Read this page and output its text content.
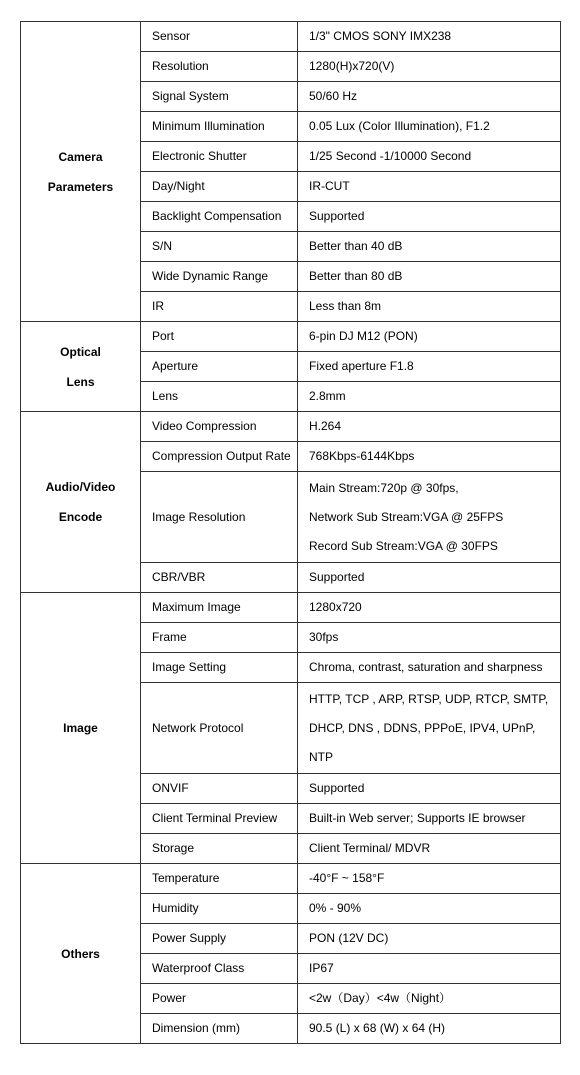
Camera
Parameters	Sensor	1/3" CMOS SONY IMX238
	Resolution	1280(H)x720(V)
	Signal System	50/60 Hz
	Minimum Illumination	0.05 Lux (Color Illumination), F1.2
	Electronic Shutter	1/25 Second -1/10000 Second
	Day/Night	IR-CUT
	Backlight Compensation	Supported
	S/N	Better than 40 dB
	Wide Dynamic Range	Better than 80 dB
	IR	Less than 8m

Optical
Lens	Port	6-pin DJ M12 (PON)
	Aperture	Fixed aperture F1.8
	Lens	2.8mm

Audio/Video
Encode	Video Compression	H.264
	Compression Output Rate	768Kbps-6144Kbps
	Image Resolution	Main Stream:720p @ 30fps,
Network Sub Stream:VGA @ 25FPS
Record Sub Stream:VGA @ 30FPS

	CBR/VBR	Supported

Image	Maximum Image	1280x720
	Frame	30fps
	Image Setting	Chroma, contrast, saturation and sharpness
	Network Protocol	HTTP, TCP , ARP, RTSP, UDP, RTCP, SMTP,
DHCP, DNS , DDNS, PPPoE, IPV4, UPnP,
NTP

	ONVIF	Supported
	Client Terminal Preview	Built-in Web server; Supports IE browser
	Storage	Client Terminal/ MDVR

Others	Temperature	-40°F ~ 158°F
	Humidity	0% - 90%
	Power Supply	PON (12V DC)
	Waterproof Class	IP67
	Power	<2w（Day）<4w（Night）
	Dimension (mm)	90.5 (L) x 68 (W) x 64 (H)
